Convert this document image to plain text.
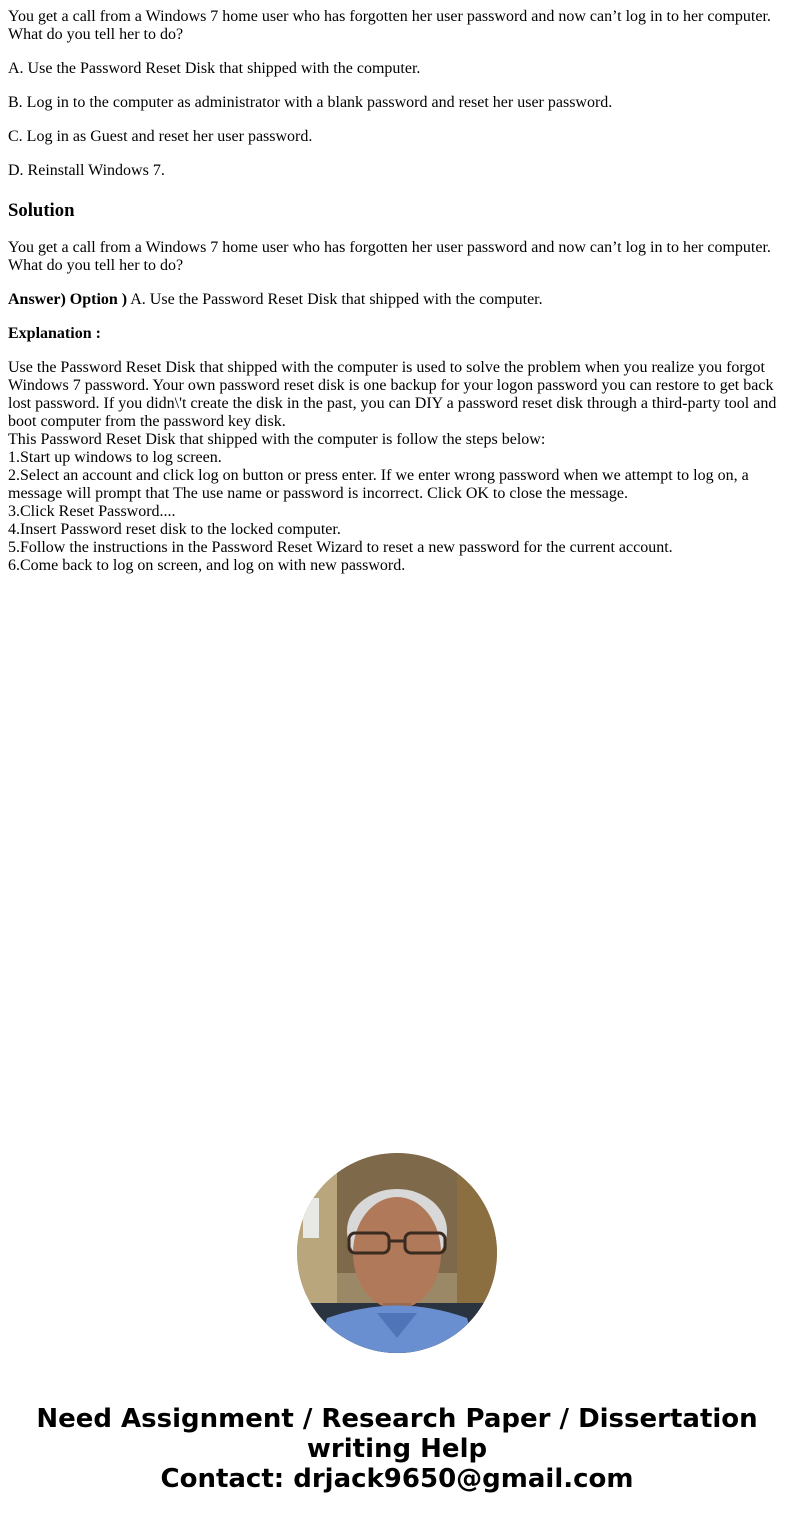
You get a call from a Windows 7 home user who has forgotten her user password and now can’t log in to her computer. What do you tell her to do?

A. Use the Password Reset Disk that shipped with the computer.

B. Log in to the computer as administrator with a blank password and reset her user password.

C. Log in as Guest and reset her user password.

D. Reinstall Windows 7.

Solution

You get a call from a Windows 7 home user who has forgotten her user password and now can’t log in to her computer. What do you tell her to do?

Answer) Option ) A. Use the Password Reset Disk that shipped with the computer.

Explanation :

Use the Password Reset Disk that shipped with the computer is used to solve the problem when you realize you forgot Windows 7 password. Your own password reset disk is one backup for your logon password you can restore to get back lost password. If you didn\'t create the disk in the past, you can DIY a password reset disk through a third-party tool and boot computer from the password key disk.
This Password Reset Disk that shipped with the computer is follow the steps below:
1.Start up windows to log screen.
2.Select an account and click log on button or press enter. If we enter wrong password when we attempt to log on, a message will prompt that The use name or password is incorrect. Click OK to close the message.
3.Click Reset Password....
4.Insert Password reset disk to the locked computer.
5.Follow the instructions in the Password Reset Wizard to reset a new password for the current account.
6.Come back to log on screen, and log on with new password.
Need Assignment / Research Paper / Dissertation writing Help
Contact: drjack9650@gmail.com
